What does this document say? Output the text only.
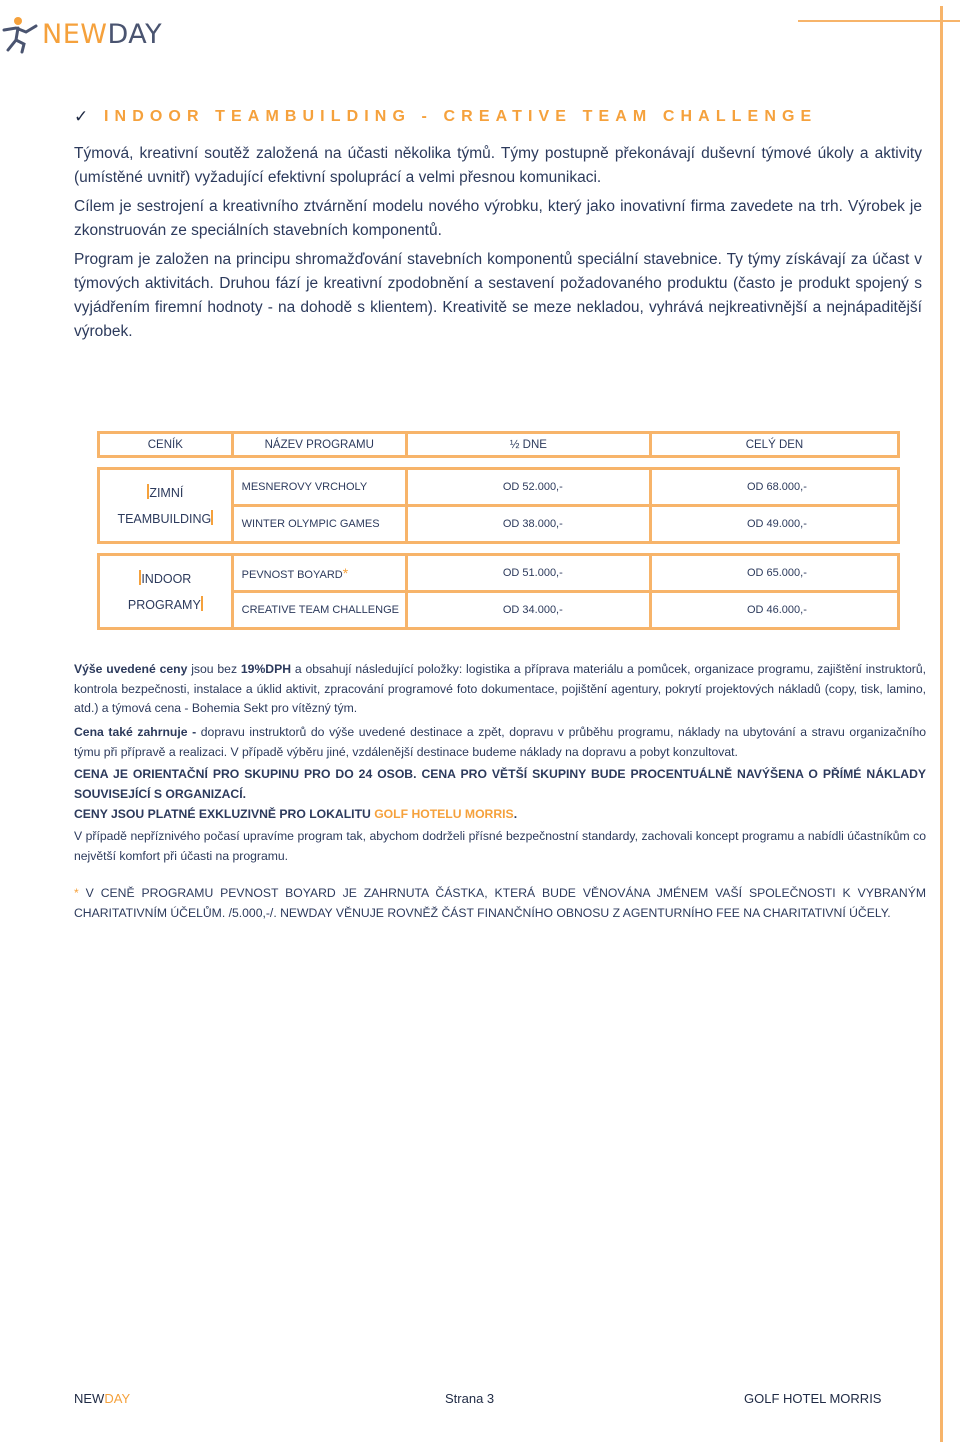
NEWDAY
✓ INDOOR TEAMBUILDING - CREATIVE TEAM CHALLENGE

Týmová, kreativní soutěž založená na účasti několika týmů. Týmy postupně překonávají duševní týmové úkoly a aktivity (umístěné uvnitř) vyžadující efektivní spoluprácí a velmi přesnou komunikaci.

Cílem je sestrojení a kreativního ztvárnění modelu nového výrobku, který jako inovativní firma zavedete na trh. Výrobek je zkonstruován ze speciálních stavebních komponentů.

Program je založen na principu shromažďování stavebních komponentů speciální stavebnice. Ty týmy získávají za účast v týmových aktivitách. Druhou fází je kreativní zpodobnění a sestavení požadovaného produktu (často je produkt spojený s vyjádřením firemní hodnoty - na dohodě s klientem). Kreativitě se meze nekladou, vyhrává nejkreativnější a nejnápaditější výrobek.

CENÍK	NÁZEV PROGRAMU	½ DNE	CELÝ DEN

ZIMNÍ
TEAMBUILDING	MESNEROVY VRCHOLY	OD 52.000,-	OD 68.000,-
	WINTER OLYMPIC GAMES	OD 38.000,-	OD 49.000,-

INDOOR
PROGRAMY	PEVNOST BOYARD*	OD 51.000,-	OD 65.000,-
	CREATIVE TEAM CHALLENGE	OD 34.000,-	OD 46.000,-

Výše uvedené ceny jsou bez 19%DPH a obsahují následující položky: logistika a příprava materiálu a pomůcek, organizace programu, zajištění instruktorů, kontrola bezpečnosti, instalace a úklid aktivit, zpracování programové foto dokumentace, pojištění agentury, pokrytí projektových nákladů (copy, tisk, lamino, atd.) a týmová cena - Bohemia Sekt pro vítězný tým.

Cena také zahrnuje - dopravu instruktorů do výše uvedené destinace a zpět, dopravu v průběhu programu, náklady na ubytování a stravu organizačního týmu při přípravě a realizaci. V případě výběru jiné, vzdálenější destinace budeme náklady na dopravu a pobyt konzultovat.

CENA JE ORIENTAČNÍ PRO SKUPINU PRO DO 24 OSOB. CENA PRO VĚTŠÍ SKUPINY BUDE PROCENTUÁLNĚ NAVÝŠENA O PŘÍMÉ NÁKLADY SOUVISEJÍCÍ S ORGANIZACÍ.

CENY JSOU PLATNÉ EXKLUZIVNĚ PRO LOKALITU GOLF HOTELU MORRIS.

V případě nepříznivého počasí upravíme program tak, abychom dodrželi přísné bezpečnostní standardy, zachovali koncept programu a nabídli účastníkům co největší komfort při účasti na programu.

* V CENĚ PROGRAMU PEVNOST BOYARD JE ZAHRNUTA ČÁSTKA, KTERÁ BUDE VĚNOVÁNA JMÉNEM VAŠÍ SPOLEČNOSTI K VYBRANÝM CHARITATIVNÍM ÚČELŮM. /5.000,-/. NEWDAY VĚNUJE ROVNĚŽ ČÁST FINANČNÍHO OBNOSU Z AGENTURNÍHO FEE NA CHARITATIVNÍ ÚČELY.

NEWDAY	Strana 3	GOLF HOTEL MORRIS
